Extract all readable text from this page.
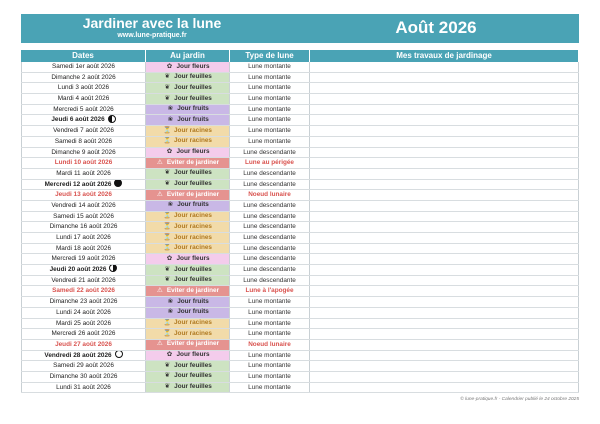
Jardiner avec la lune
www.lune-pratique.fr	Août 2026
Dates	Au jardin	Type de lune	Mes travaux de jardinage
Samedi 1er août 2026	✿ Jour fleurs	Lune montante
Dimanche 2 août 2026	❦ Jour feuilles	Lune montante
Lundi 3 août 2026	❦ Jour feuilles	Lune montante
Mardi 4 août 2026	❦ Jour feuilles	Lune montante
Mercredi 5 août 2026	❀ Jour fruits	Lune montante
Jeudi 6 août 2026	❀ Jour fruits	Lune montante
Vendredi 7 août 2026	⏳ Jour racines	Lune montante
Samedi 8 août 2026	⏳ Jour racines	Lune montante
Dimanche 9 août 2026	✿ Jour fleurs	Lune descendante
Lundi 10 août 2026	⚠ Eviter de jardiner	Lune au périgée
Mardi 11 août 2026	❦ Jour feuilles	Lune descendante
Mercredi 12 août 2026	❦ Jour feuilles	Lune descendante
Jeudi 13 août 2026	⚠ Eviter de jardiner	Noeud lunaire
Vendredi 14 août 2026	❀ Jour fruits	Lune descendante
Samedi 15 août 2026	⏳ Jour racines	Lune descendante
Dimanche 16 août 2026	⏳ Jour racines	Lune descendante
Lundi 17 août 2026	⏳ Jour racines	Lune descendante
Mardi 18 août 2026	⏳ Jour racines	Lune descendante
Mercredi 19 août 2026	✿ Jour fleurs	Lune descendante
Jeudi 20 août 2026	❦ Jour feuilles	Lune descendante
Vendredi 21 août 2026	❦ Jour feuilles	Lune descendante
Samedi 22 août 2026	⚠ Eviter de jardiner	Lune à l'apogée
Dimanche 23 août 2026	❀ Jour fruits	Lune montante
Lundi 24 août 2026	❀ Jour fruits	Lune montante
Mardi 25 août 2026	⏳ Jour racines	Lune montante
Mercredi 26 août 2026	⏳ Jour racines	Lune montante
Jeudi 27 août 2026	⚠ Eviter de jardiner	Noeud lunaire
Vendredi 28 août 2026	✿ Jour fleurs	Lune montante
Samedi 29 août 2026	❦ Jour feuilles	Lune montante
Dimanche 30 août 2026	❦ Jour feuilles	Lune montante
Lundi 31 août 2026	❦ Jour feuilles	Lune montante
© lune-pratique.fr - Calendrier publié le 24 octobre 2025
